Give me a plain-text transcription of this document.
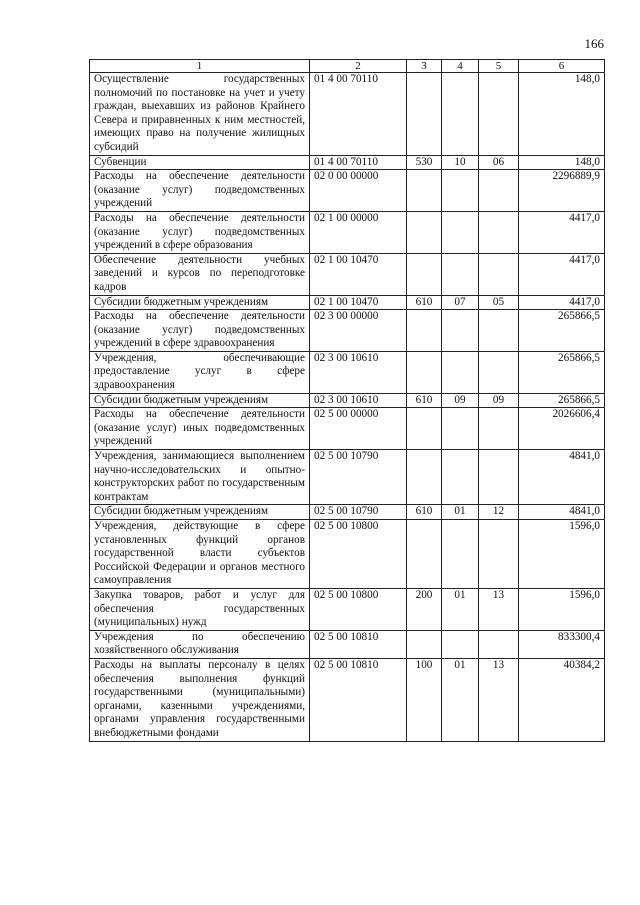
166
1	2	3	4	5	6
Осуществление государственных полномочий по постановке на учет и учету граждан, выехавших из районов Крайнего Севера и приравненных к ним местностей, имеющих право на получение жилищных субсидий	01 4 00 70110				148,0
Субвенции	01 4 00 70110	530	10	06	148,0
Расходы на обеспечение деятельности (оказание услуг) подведомственных учреждений	02 0 00 00000				2296889,9
Расходы на обеспечение деятельности (оказание услуг) подведомственных учреждений в сфере образования	02 1 00 00000				4417,0
Обеспечение деятельности учебных заведений и курсов по переподготовке кадров	02 1 00 10470				4417,0
Субсидии бюджетным учреждениям	02 1 00 10470	610	07	05	4417,0
Расходы на обеспечение деятельности (оказание услуг) подведомственных учреждений в сфере здравоохранения	02 3 00 00000				265866,5
Учреждения, обеспечивающие предоставление услуг в сфере здравоохранения	02 3 00 10610				265866,5
Субсидии бюджетным учреждениям	02 3 00 10610	610	09	09	265866,5
Расходы на обеспечение деятельности (оказание услуг) иных подведомственных учреждений	02 5 00 00000				2026606,4
Учреждения, занимающиеся выполнением научно-исследовательских и опытно-конструкторских работ по государственным контрактам	02 5 00 10790				4841,0
Субсидии бюджетным учреждениям	02 5 00 10790	610	01	12	4841,0
Учреждения, действующие в сфере установленных функций органов государственной власти субъектов Российской Федерации и органов местного самоуправления	02 5 00 10800				1596,0
Закупка товаров, работ и услуг для обеспечения государственных (муниципальных) нужд	02 5 00 10800	200	01	13	1596,0
Учреждения по обеспечению хозяйственного обслуживания	02 5 00 10810				833300,4
Расходы на выплаты персоналу в целях обеспечения выполнения функций государственными (муниципальными) органами, казенными учреждениями, органами управления государственными внебюджетными фондами	02 5 00 10810	100	01	13	40384,2
